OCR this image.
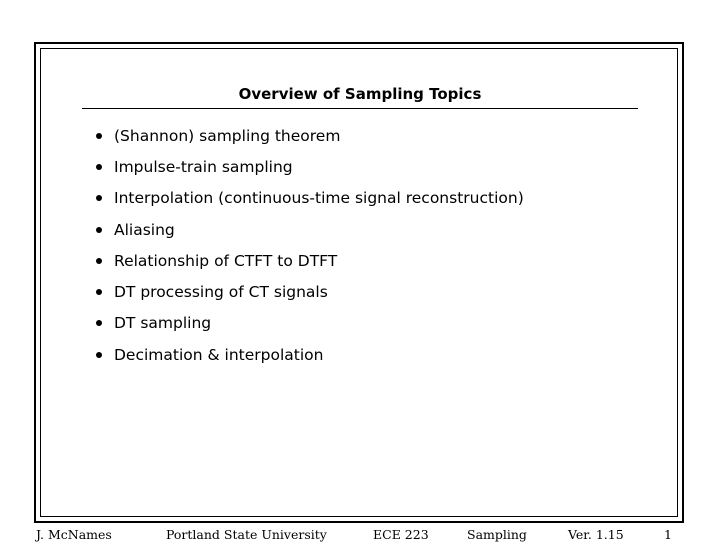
Overview of Sampling Topics
(Shannon) sampling theorem
Impulse-train sampling
Interpolation (continuous-time signal reconstruction)
Aliasing
Relationship of CTFT to DTFT
DT processing of CT signals
DT sampling
Decimation & interpolation
J. McNames	Portland State University	ECE 223	Sampling	Ver. 1.15	1
